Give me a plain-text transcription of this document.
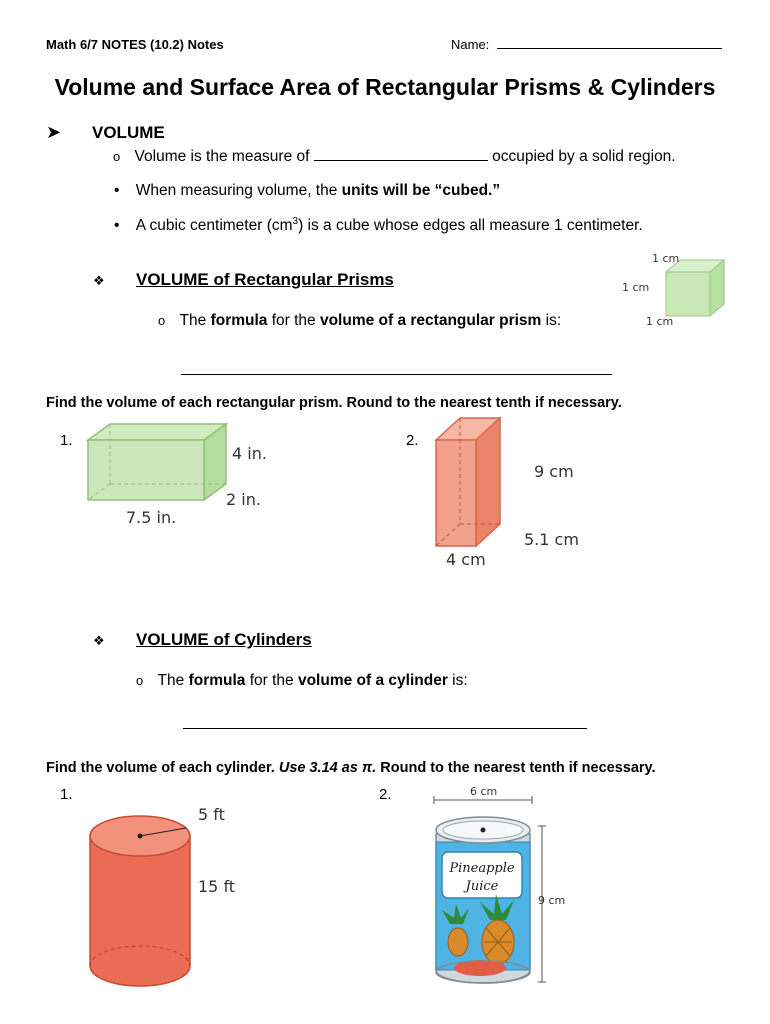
Math 6/7 NOTES (10.2) Notes	Name:
Volume and Surface Area of Rectangular Prisms & Cylinders
➤ VOLUME
o Volume is the measure of	occupied by a solid region.
• When measuring volume, the units will be “cubed.”
• A cubic centimeter $(cm^3)$ is a cube whose edges all measure 1 centimeter.
1 cm
1 cm
1 cm
❖ VOLUME of Rectangular Prisms
o The formula for the volume of a rectangular prism is:
Find the volume of each rectangular prism. Round to the nearest tenth if necessary.
1.
4 in.
2 in.
7.5 in.
2.
9 cm
5.1 cm
4 cm
❖ VOLUME of Cylinders
o The formula for the volume of a cylinder is:
Find the volume of each cylinder. Use 3.14 as π. Round to the nearest tenth if necessary.
1.
5 ft
15 ft
2.	6 cm
9 cm
Pineapple
Juice
